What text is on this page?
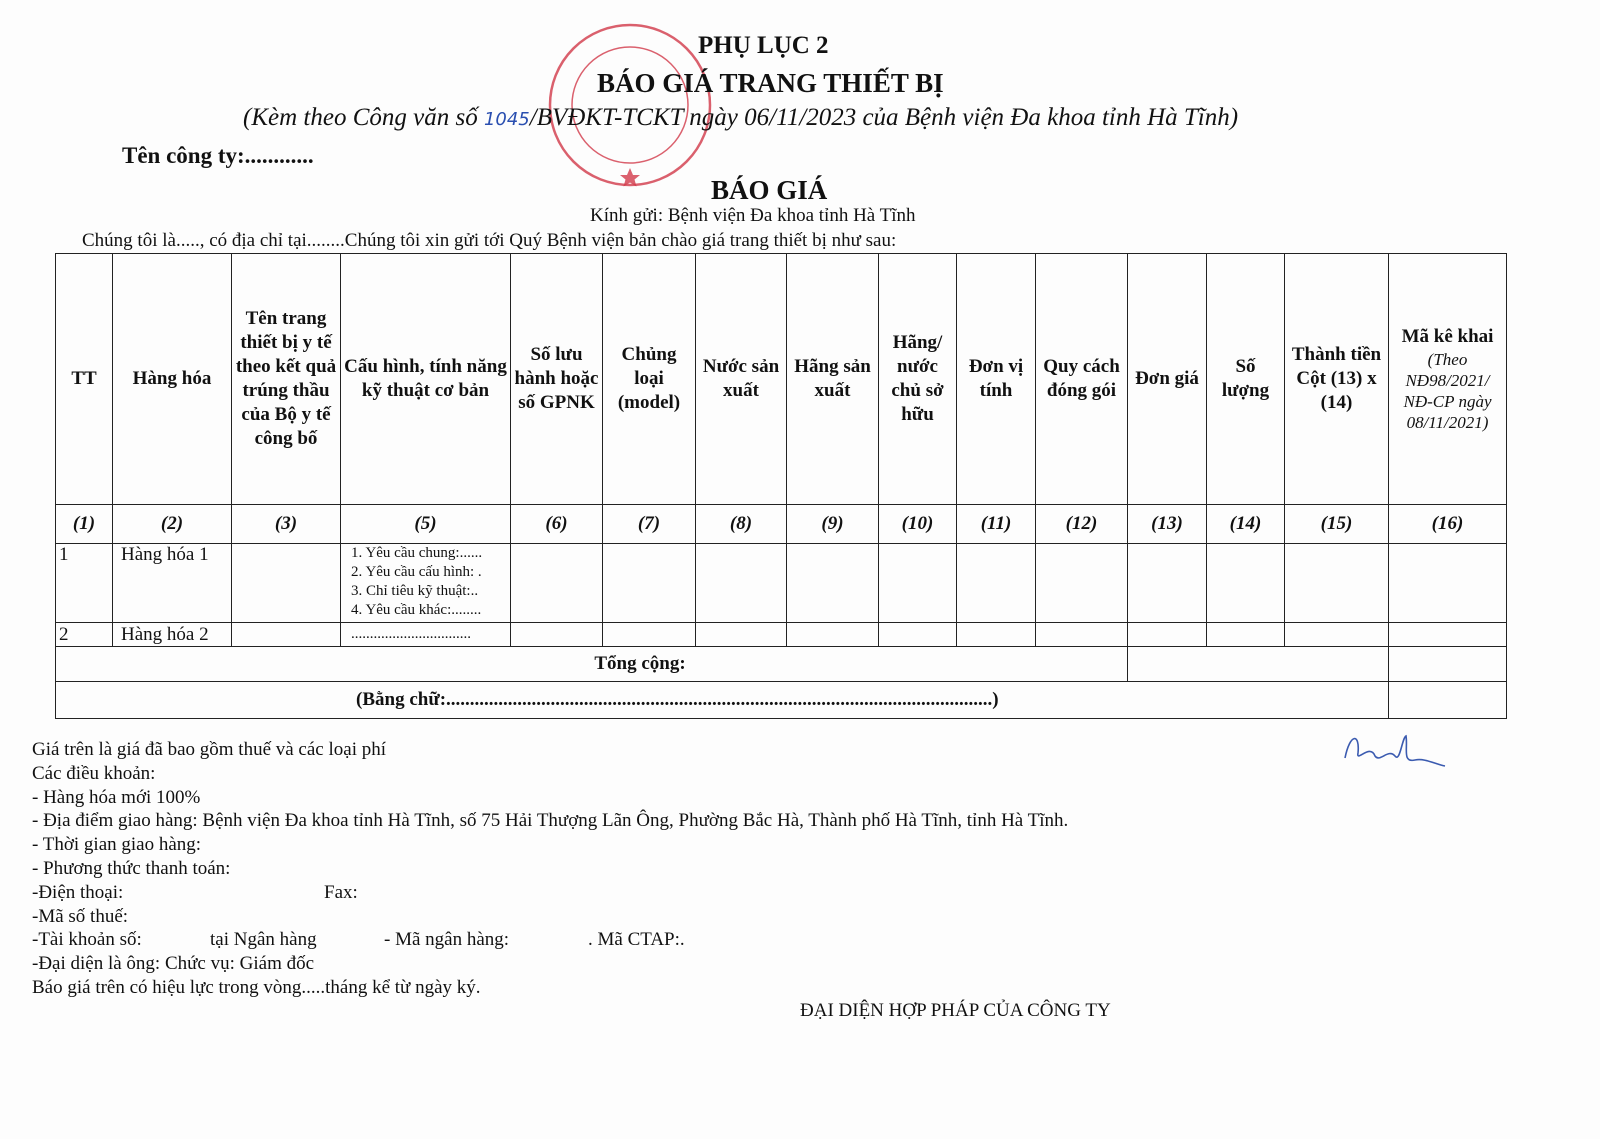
PHỤ LỤC 2
BÁO GIÁ TRANG THIẾT BỊ
(Kèm theo Công văn số 1045/BVĐKT-TCKT ngày 06/11/2023 của Bệnh viện Đa khoa tỉnh Hà Tĩnh)
Tên công ty:............
BÁO GIÁ
Kính gửi: Bệnh viện Đa khoa tỉnh Hà Tĩnh
Chúng tôi là....., có địa chỉ tại........Chúng tôi xin gửi tới Quý Bệnh viện bản chào giá trang thiết bị như sau:
TT	Hàng hóa	Tên trang thiết bị y tế theo kết quả trúng thầu của Bộ y tế công bố	Cấu hình, tính năng kỹ thuật cơ bản	Số lưu hành hoặc số GPNK	Chủng loại (model)	Nước sản xuất	Hãng sản xuất	Hãng/ nước chủ sở hữu	Đơn vị tính	Quy cách đóng gói	Đơn giá	Số lượng	Thành tiền Cột (13) x (14)	Mã kê khai
(Theo NĐ98/2021/ NĐ-CP ngày 08/11/2021)

(1)	(2)	(3)	(5)	(6)	(7)	(8)	(9)	(10)	(11)	(12)	(13)	(14)	(15)	(16)
1	Hàng hóa 1		1. Yêu cầu chung:......
2. Yêu cầu cấu hình: .
3. Chỉ tiêu kỹ thuật:..
4. Yêu cầu khác:........											

2	Hàng hóa 2		................................											
Tổng cộng:														
(Bằng chữ:...................................................................................................................)														
Giá trên là giá đã bao gồm thuế và các loại phí
Các điều khoản:
- Hàng hóa mới 100%
- Địa điểm giao hàng: Bệnh viện Đa khoa tỉnh Hà Tĩnh, số 75 Hải Thượng Lãn Ông, Phường Bắc Hà, Thành phố Hà Tĩnh, tỉnh Hà Tĩnh.
- Thời gian giao hàng:
- Phương thức thanh toán:
-Điện thoại:	Fax:
-Mã số thuế:
-Tài khoản số:	tại Ngân hàng	- Mã ngân hàng:	. Mã CTAP:.
-Đại diện là ông: Chức vụ: Giám đốc
Báo giá trên có hiệu lực trong vòng.....tháng kể từ ngày ký.
ĐẠI DIỆN HỢP PHÁP CỦA CÔNG TY
